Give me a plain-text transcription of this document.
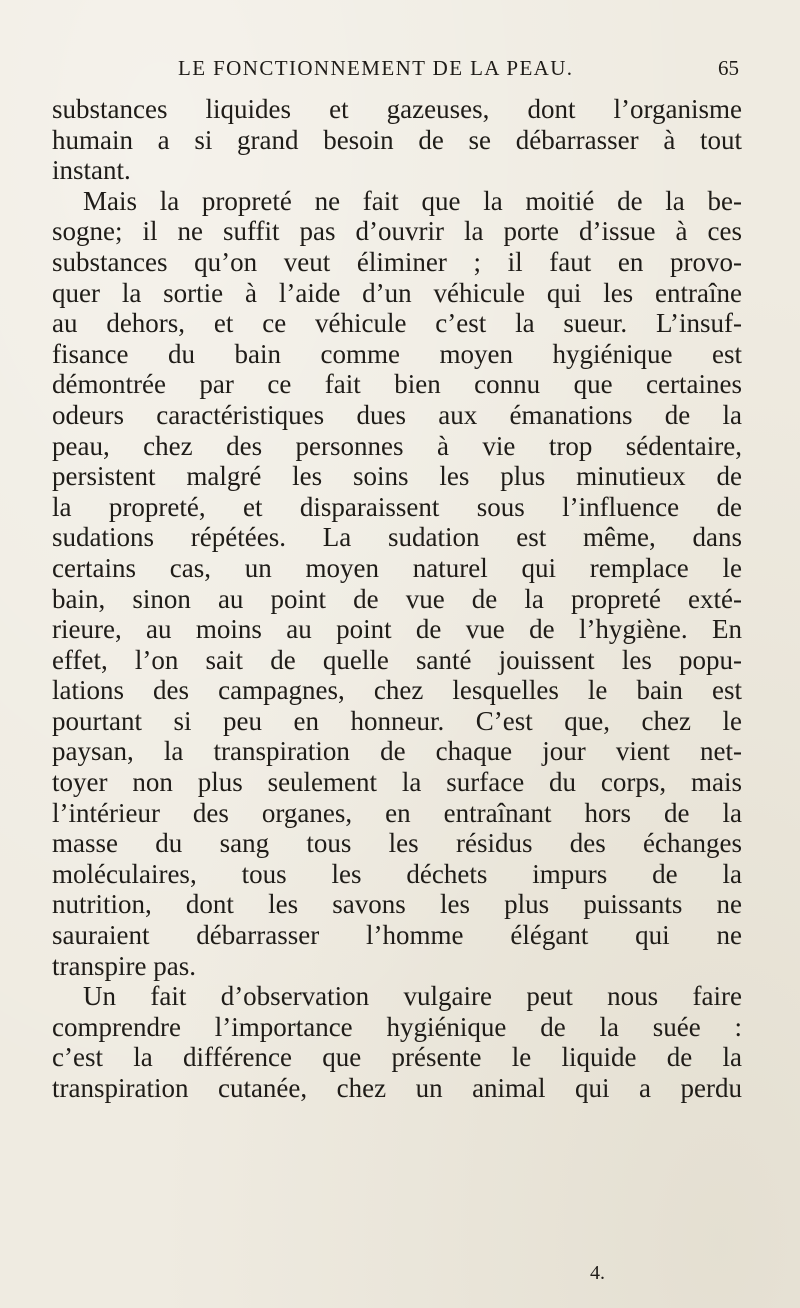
LE FONCTIONNEMENT DE LA PEAU.	65
substances liquides et gazeuses, dont l’organisme
humain a si grand besoin de se débarrasser à tout
instant.
Mais la propreté ne fait que la moitié de la be-
sogne; il ne suffit pas d’ouvrir la porte d’issue à ces
substances qu’on veut éliminer ; il faut en provo-
quer la sortie à l’aide d’un véhicule qui les entraîne
au dehors, et ce véhicule c’est la sueur. L’insuf-
fisance du bain comme moyen hygiénique est
démontrée par ce fait bien connu que certaines
odeurs caractéristiques dues aux émanations de la
peau, chez des personnes à vie trop sédentaire,
persistent malgré les soins les plus minutieux de
la propreté, et disparaissent sous l’influence de
sudations répétées. La sudation est même, dans
certains cas, un moyen naturel qui remplace le
bain, sinon au point de vue de la propreté exté-
rieure, au moins au point de vue de l’hygiène. En
effet, l’on sait de quelle santé jouissent les popu-
lations des campagnes, chez lesquelles le bain est
pourtant si peu en honneur. C’est que, chez le
paysan, la transpiration de chaque jour vient net-
toyer non plus seulement la surface du corps, mais
l’intérieur des organes, en entraînant hors de la
masse du sang tous les résidus des échanges
moléculaires, tous les déchets impurs de la
nutrition, dont les savons les plus puissants ne
sauraient débarrasser l’homme élégant qui ne
transpire pas.
Un fait d’observation vulgaire peut nous faire
comprendre l’importance hygiénique de la suée :
c’est la différence que présente le liquide de la
transpiration cutanée, chez un animal qui a perdu
4.
